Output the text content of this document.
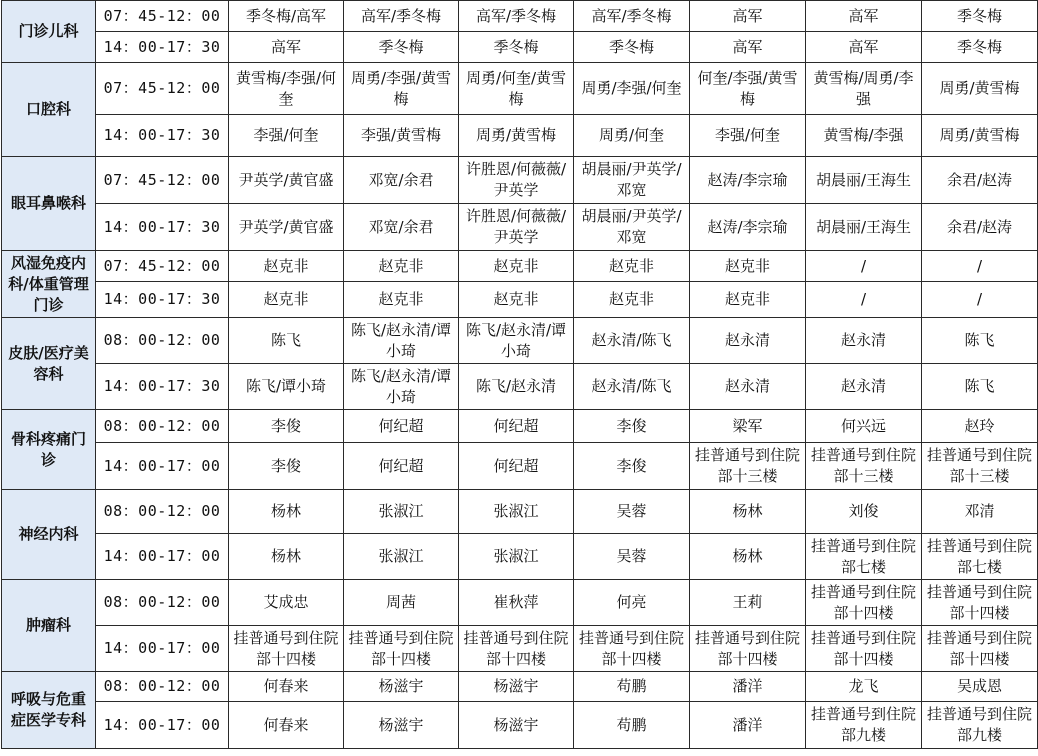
门诊儿科	07：45-12：00	季冬梅/高军	高军/季冬梅	高军/季冬梅	高军/季冬梅	高军	高军	季冬梅
	14：00-17：30	高军	季冬梅	季冬梅	季冬梅	高军	高军	季冬梅
口腔科	07：45-12：00	黄雪梅/李强/何奎	周勇/李强/黄雪梅	周勇/何奎/黄雪梅	周勇/李强/何奎	何奎/李强/黄雪梅	黄雪梅/周勇/李强	周勇/黄雪梅
	14：00-17：30	李强/何奎	李强/黄雪梅	周勇/黄雪梅	周勇/何奎	李强/何奎	黄雪梅/李强	周勇/黄雪梅
眼耳鼻喉科	07：45-12：00	尹英学/黄官盛	邓宽/余君	许胜恩/何薇薇/尹英学	胡晨丽/尹英学/邓宽	赵涛/李宗瑜	胡晨丽/王海生	余君/赵涛
	14：00-17：30	尹英学/黄官盛	邓宽/余君	许胜恩/何薇薇/尹英学	胡晨丽/尹英学/邓宽	赵涛/李宗瑜	胡晨丽/王海生	余君/赵涛
风湿免疫内科/体重管理门诊	07：45-12：00	赵克非	赵克非	赵克非	赵克非	赵克非	/	/
	14：00-17：30	赵克非	赵克非	赵克非	赵克非	赵克非	/	/
皮肤/医疗美容科	08：00-12：00	陈飞	陈飞/赵永清/谭小琦	陈飞/赵永清/谭小琦	赵永清/陈飞	赵永清	赵永清	陈飞
	14：00-17：30	陈飞/谭小琦	陈飞/赵永清/谭小琦	陈飞/赵永清	赵永清/陈飞	赵永清	赵永清	陈飞
骨科疼痛门诊	08：00-12：00	李俊	何纪超	何纪超	李俊	梁军	何兴远	赵玲
	14：00-17：00	李俊	何纪超	何纪超	李俊	挂普通号到住院部十三楼	挂普通号到住院部十三楼	挂普通号到住院部十三楼
神经内科	08：00-12：00	杨林	张淑江	张淑江	吴蓉	杨林	刘俊	邓清
	14：00-17：00	杨林	张淑江	张淑江	吴蓉	杨林	挂普通号到住院部七楼	挂普通号到住院部七楼
肿瘤科	08：00-12：00	艾成忠	周茜	崔秋萍	何亮	王莉	挂普通号到住院部十四楼	挂普通号到住院部十四楼
	14：00-17：00	挂普通号到住院部十四楼	挂普通号到住院部十四楼	挂普通号到住院部十四楼	挂普通号到住院部十四楼	挂普通号到住院部十四楼	挂普通号到住院部十四楼	挂普通号到住院部十四楼
呼吸与危重症医学专科	08：00-12：00	何春来	杨滋宇	杨滋宇	苟鹏	潘洋	龙飞	吴成恩
	14：00-17：00	何春来	杨滋宇	杨滋宇	苟鹏	潘洋	挂普通号到住院部九楼	挂普通号到住院部九楼
